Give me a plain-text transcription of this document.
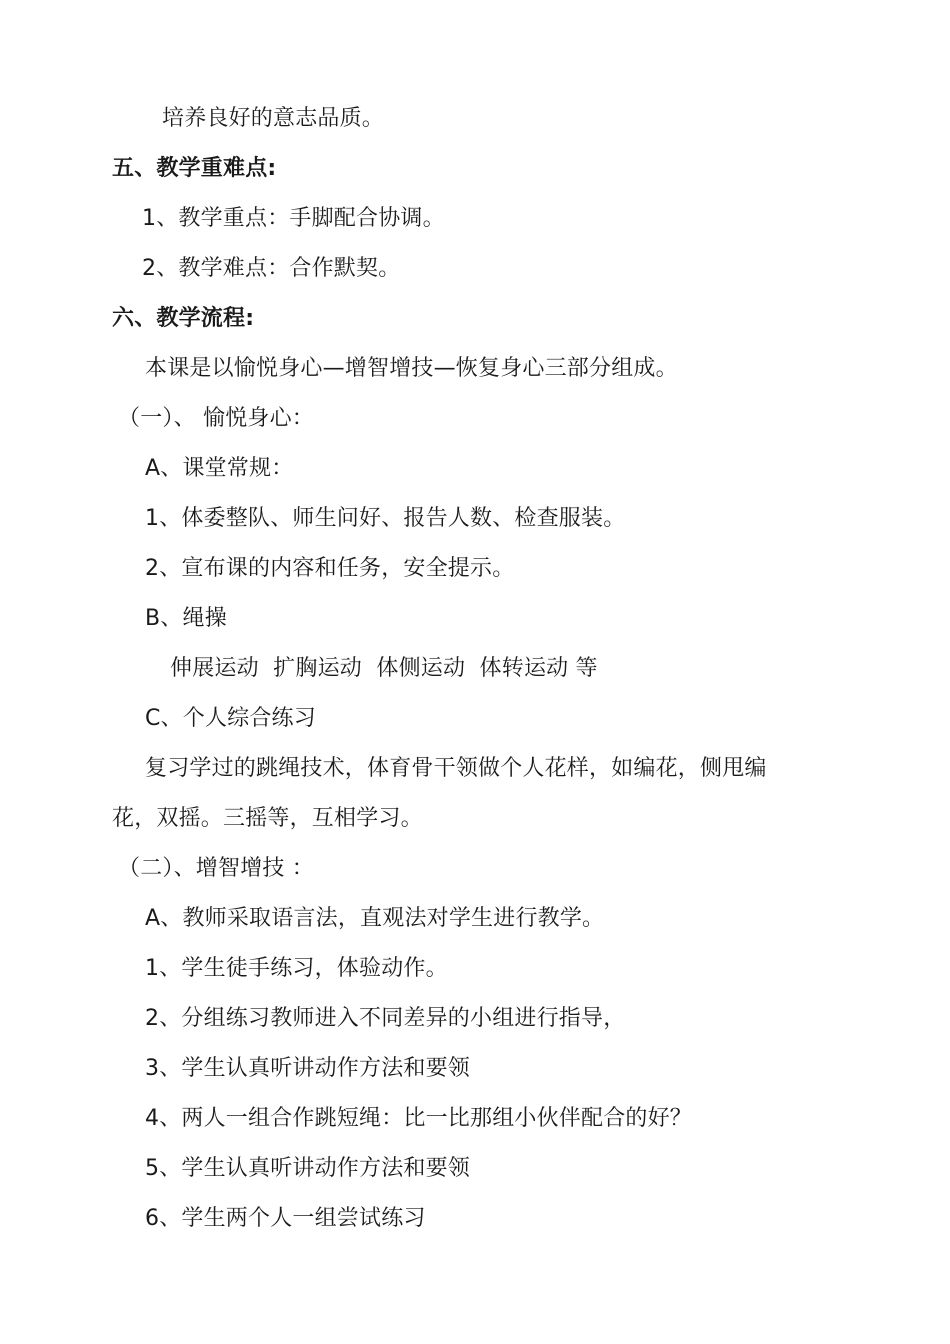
培养良好的意志品质。
五、教学重难点:
1、教学重点：手脚配合协调。
2、教学难点：合作默契。
六、教学流程:
本课是以愉悦身心—增智增技—恢复身心三部分组成。
（一）、 愉悦身心：
A、课堂常规：
1、体委整队、师生问好、报告人数、检查服装。
2、宣布课的内容和任务，安全提示。
B、绳操
伸展运动  扩胸运动  体侧运动  体转运动 等
C、个人综合练习
复习学过的跳绳技术，体育骨干领做个人花样，如编花，侧甩编
花，双摇。三摇等，互相学习。
（二）、增智增技 ：
A、教师采取语言法，直观法对学生进行教学。
1、学生徒手练习，体验动作。
2、分组练习教师进入不同差异的小组进行指导，
3、学生认真听讲动作方法和要领
4、两人一组合作跳短绳：比一比那组小伙伴配合的好？
5、学生认真听讲动作方法和要领
6、学生两个人一组尝试练习
